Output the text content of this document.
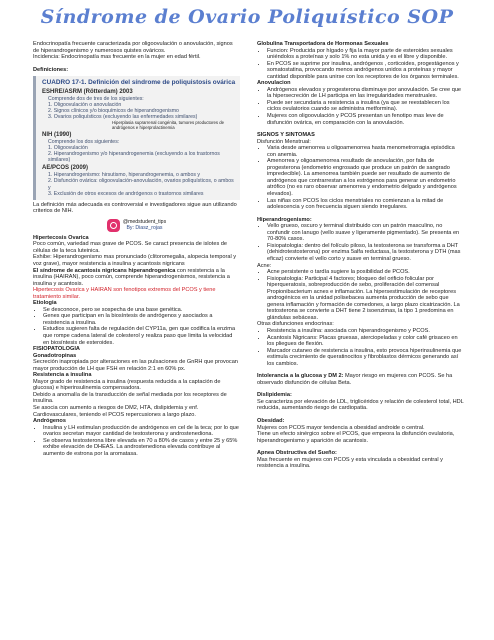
Síndrome de Ovario Poliquístico SOP

Endocrinopatía frecuente caracterizada por oligoovulación o anovulación, signos de hiperandrogenismo y numerosos quistes ováricos.

Incidencia: Endocrinopatía mas frecuente en la mujer en edad fértil.

Definiciones:

CUADRO 17-1. Definición del síndrome de poliquistosis ovárica
ESHRE/ASRM (Rötterdam) 2003
Comprende dos de tres de los siguientes:
1. Oligoovulación o anovulación
2. Signos clínicos y/o bioquímicos de hiperandrogenismo
3. Ovarios poliquísticos (excluyendo las enfermedades similares)
Hiperplasia suprarrenal congénita, tumores productores de andrógenos e hiperprolactinemia
NIH (1990)
Comprende los dos siguientes:
1. Oligoovulación
2. Hiperandrogenismo y/o hiperandrogenemia (excluyendo a los trastornos similares)
AE/PCOS (2009)
1. Hiperandrogenismo: hirsutismo, hiperandrogenemia, o ambos y
2. Disfunción ovárica: oligoovulación-anovulación, ovarios poliquísticos, o ambos y
3. Exclusión de otros excesos de andrógenos o trastornos similares

La definición más adecuada es controversial e investigadores sigue aun utilizando criterios de NIH.

@medstudent_tips
By: Diasz_rojas

Hipertecosis Ovarica

Poco común, variedad mas grave de PCOS. Se caract presencia de islotes de células de la teca luteinica.

Exhibe: Hiperandrogenismo mas pronunciado (clitoromegalia, alopecia temporal y voz grave), mayor resistencia a insulina y acantosis nigricans

El síndrome de acantosis nigricans hiperandrogenica con resistencia a la insulina (HAIRAN), poco común, comprende hiperandrogenismos, resistencia a insulina y acantosis.

Hipertecosis Ovarica y HAIRAN son fenotipos extremos del PCOS y tiene tratamiento similar.

Etiologia

• Se desconoce, pero se sospecha de una base genética.
• Genes que participan en la biosíntesis de andrógenos y asociados a resistencia a insulina.
• Estudios sugieren falta de regulación del CYP11a, gen que codifica la enzima que rompe cadena lateral de colesterol y realiza paso que limita la velocidad en biosíntesis de esteroides.

FISIOPATOLOGIA

Gonadotropinas

Secreción inapropiada por alteraciones en las pulsaciones de GnRH que provocan mayor producción de LH que FSH en relación 2:1 en 60% px.

Resistencia a insulina

Mayor grado de resistencia a insulina (respuesta reducida a la captación de glucosa) e hiperinsulinemia compensadora.

Debido a anomalía de la transducción de señal mediada por los receptores de insulina.

Se asocia con aumento a riesgos de DM2, HTA, dislipidemia y enf. Cardiovasculares, teniendo el PCOS repercusiones a largo plazo.

Andrógenos

• Insulina y LH estimulan producción de andrógenos en cel de la teca; por lo que ovarios secretan mayor cantidad de testosterona y androstenediona.
• Se observa testosterona libre elevada en 70 a 80% de casos y entre 25 y 65% exhibe elevación de DHEAS. La androstenediona elevada contribuye al aumento de estrona por la aromatasa.

Globulina Transportadora de Hormonas Sexuales

• Funcion: Producida por hígado y fija la mayor parte de esteroides sexuales uniéndolos a proteínas y solo 1% no esta unida y es el libre y disponible.
• En PCOS se suprime por insulina, andrógenos , corticoides, progestágenos y somatostatina, provocando menos andrógenos unidos a proteínas y mayor cantidad disponible para unirse con los receptores de los órganos terminales.

Anovulacion

• Andrógenos elevados y progesterona disminuye por anovulación. Se cree que la hipersecreción de LH participa en las irregularidades menstruales.
• Puede ser secundaria a resistencia a insulina (ya que se reestablecen los ciclos ovulatorios cuando se administra metformina).
• Mujeres con oligoovulación y PCOS presentan un fenotipo mas leve de disfunción ovárica, en comparación con la anovulación.

SIGNOS Y SINTOMAS

Disfunción Menstrual:

• Varia desde amenorrea u oligoamenorrea hasta menometrorragia episódica con anemia.
• Amenorrea y oligoamenorrea resultado de anovulación, por falta de progesterona (endometrio engrosado que produce un patrón de sangrado impredecible). La amenorrea también puede ser resultado de aumento de andrógenos que contrarrestan a los estrógenos para generar un endometrio atrófico (no es raro observar amenorrea y endometrio delgado y andrógenos elevados).
• Las niñas con PCOS los ciclos menstriales no comienzan a la mitad de adolescencia y con frecuencia siguen siendo irregulares.

Hiperandrogenismo:

• Vello grueso, oscuro y terminal distribuido con un patrón masculino, no confundir con lanugo (vello suave y ligeramente pigmentado). Se presenta en 70-80% casos.
• Fisiopatologia: dentro del folículo piloso, la testosterona se transforma a DHT (dehidrotestosterona) por enzima 5alfa reductasa, la testosterona y DTH (mas eficaz) convierte el vello corto y suave en terminal grueso.

Acne:

• Acne persistente o tardía sugiere la posibilidad de PCOS.
• Fisiopatologia: Participal 4 factores; bloqueo del orificio folicular por hiperqueratosis, sobreproducción de sebo, proliferación del comensal Propionibacterium acnes e inflamación. La hipersestimulación de receptores androgénicos en la unidad polisebacea aumenta producción de sebo que genera inflamación y formación de comedones, a largo plazo cicatrización. La testosterona se convierte a DHT tiene 2 isoenzimas, la tipo 1 predomina en glándulas sebáceas.

Otras disfunciones endocrinas:

• Resistencia a insulina: asociada con hiperandrogenismo y PCOS.
• Acantosis Nigricans: Placas gruesas, aterciopeladas y color café grisaceo en los pliegues de flexión.
• Marcador cutaneo de resistencia a insulina, esto provoca hiperinsulinemia que estimula crecimiento de queratinocitos y fibroblastos dérmicos generando así los cambios.

Intolerancia a la glucosa y DM 2: Mayor riesgo en mujeres con PCOS. Se ha observado disfunción de células Beta.

Dislipidemia:

Se caracteriza por elevación de LDL, triglicéridos y relación de colesterol total, HDL reducida, aumentando riesgo de cardiopatia.

Obesidad:

Mujeres con PCOS mayor tendencia a obesidad androide o central.

Tiene un efecto sinérgico sobre el PCOS, que empeora la disfunción ovulatoria, hiperandrogenismo y aparición de acantosis.

Apnea Obstructiva del Sueño:

Mas frecuente en mujeres con PCOS y esta vinculada a obesidad central y resistencia a insulina.
